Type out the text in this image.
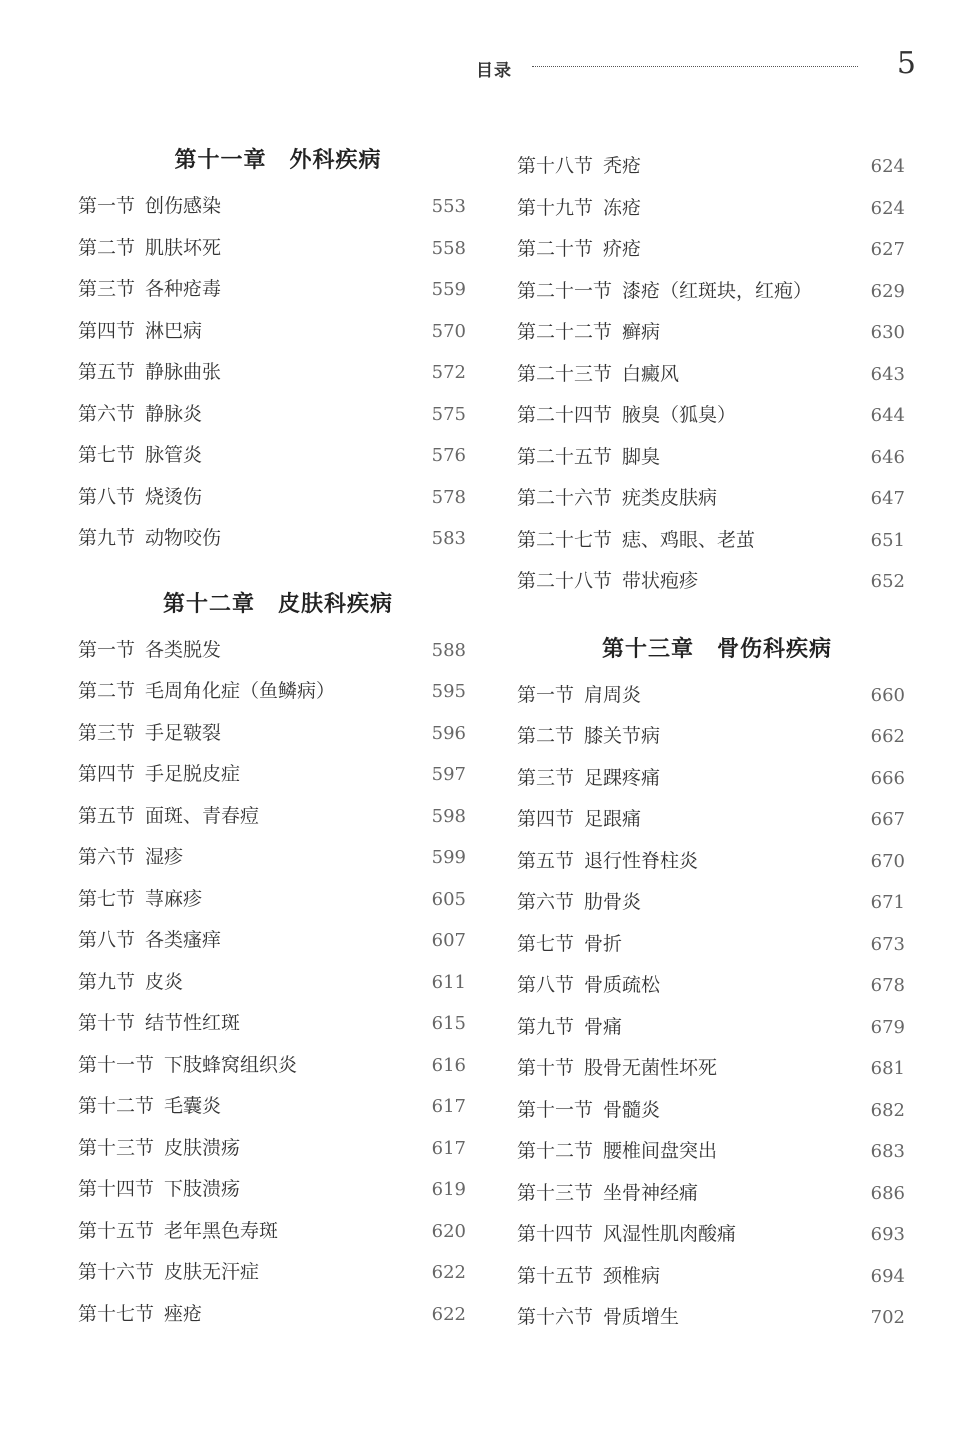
目录	5
第十一章　外科疾病
第一节 创伤感染	553
第二节 肌肤坏死	558
第三节 各种疮毒	559
第四节 淋巴病	570
第五节 静脉曲张	572
第六节 静脉炎	575
第七节 脉管炎	576
第八节 烧烫伤	578
第九节 动物咬伤	583
第十二章　皮肤科疾病
第一节 各类脱发	588
第二节 毛周角化症（鱼鳞病）	595
第三节 手足皲裂	596
第四节 手足脱皮症	597
第五节 面斑、青春痘	598
第六节 湿疹	599
第七节 荨麻疹	605
第八节 各类瘙痒	607
第九节 皮炎	611
第十节 结节性红斑	615
第十一节 下肢蜂窝组织炎	616
第十二节 毛囊炎	617
第十三节 皮肤溃疡	617
第十四节 下肢溃疡	619
第十五节 老年黑色寿斑	620
第十六节 皮肤无汗症	622
第十七节 痤疮	622
第十八节 秃疮	624
第十九节 冻疮	624
第二十节 疥疮	627
第二十一节 漆疮（红斑块，红疱）	629
第二十二节 癣病	630
第二十三节 白癜风	643
第二十四节 腋臭（狐臭）	644
第二十五节 脚臭	646
第二十六节 疣类皮肤病	647
第二十七节 痣、鸡眼、老茧	651
第二十八节 带状疱疹	652
第十三章　骨伤科疾病
第一节 肩周炎	660
第二节 膝关节病	662
第三节 足踝疼痛	666
第四节 足跟痛	667
第五节 退行性脊柱炎	670
第六节 肋骨炎	671
第七节 骨折	673
第八节 骨质疏松	678
第九节 骨痛	679
第十节 股骨无菌性坏死	681
第十一节 骨髓炎	682
第十二节 腰椎间盘突出	683
第十三节 坐骨神经痛	686
第十四节 风湿性肌肉酸痛	693
第十五节 颈椎病	694
第十六节 骨质增生	702
